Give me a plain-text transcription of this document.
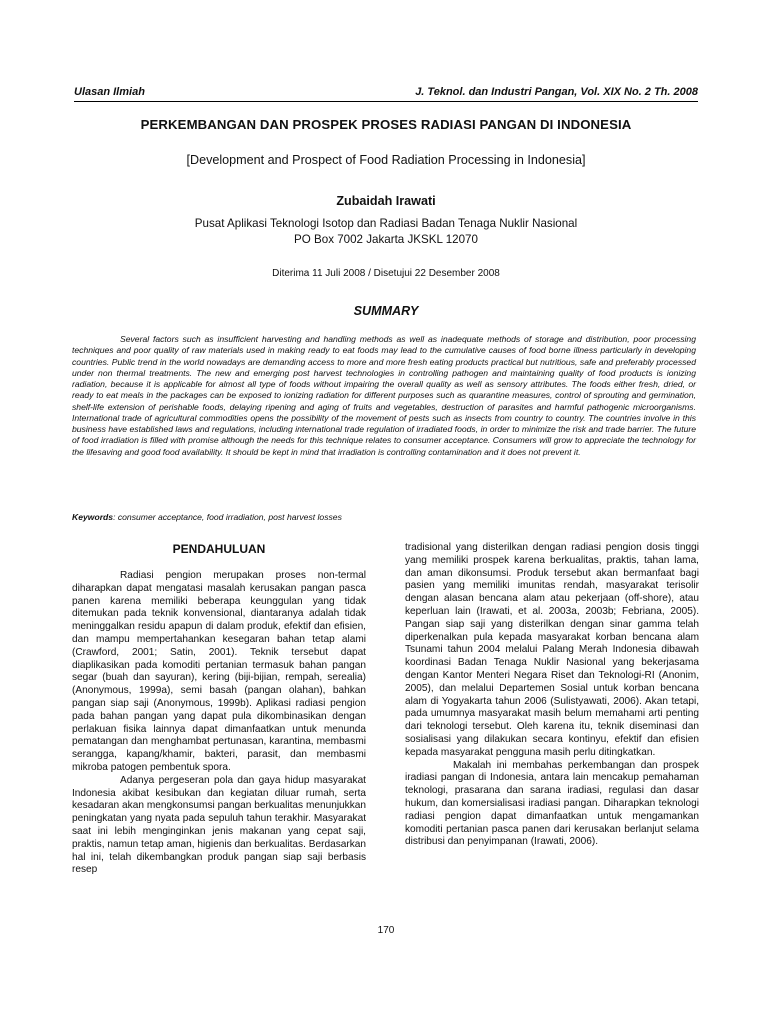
Ulasan Ilmiah	J. Teknol. dan Industri Pangan, Vol. XIX No. 2 Th. 2008
PERKEMBANGAN DAN PROSPEK PROSES RADIASI PANGAN DI INDONESIA
[Development and Prospect of Food Radiation Processing in Indonesia]
Zubaidah Irawati
Pusat Aplikasi Teknologi Isotop dan Radiasi Badan Tenaga Nuklir Nasional
PO Box 7002 Jakarta JKSKL 12070
Diterima 11 Juli 2008 / Disetujui 22 Desember 2008
SUMMARY

Several factors such as insufficient harvesting and handling methods as well as inadequate methods of storage and distribution, poor processing techniques and poor quality of raw materials used in making ready to eat foods may lead to the cumulative causes of food borne illness particularly in developing countries. Public trend in the world nowadays are demanding access to more and more fresh eating products practical but nutritious, safe and preferably processed under non thermal treatments. The new and emerging post harvest technologies in controlling pathogen and maintaining quality of food products is ionizing radiation, because it is applicable for almost all type of foods without impairing the overall quality as well as sensory attributes. The foods either fresh, dried, or ready to eat meals in the packages can be exposed to ionizing radiation for different purposes such as quarantine measures, control of sprouting and germination, shelf-life extension of perishable foods, delaying ripening and aging of fruits and vegetables, destruction of parasites and harmful pathogenic microorganisms. International trade of agricultural commodities opens the possibility of the movement of pests such as insects from country to country. The countries involve in this business have established laws and regulations, including international trade regulation of irradiated foods, in order to minimize the risk and trade barrier. The future of food irradiation is filled with promise although the needs for this technique relates to consumer acceptance. Consumers will grow to appreciate the technology for the lifesaving and good food availability. It should be kept in mind that irradiation is controlling contamination and it does not prevent it.

Keywords: consumer acceptance, food irradiation, post harvest losses
PENDAHULUAN

Radiasi pengion merupakan proses non-termal diharapkan dapat mengatasi masalah kerusakan pangan pasca panen karena memiliki beberapa keunggulan yang tidak ditemukan pada teknik konvensional, diantaranya adalah tidak meninggalkan residu apapun di dalam produk, efektif dan efisien, dan mampu mempertahankan kesegaran bahan tetap alami (Crawford, 2001; Satin, 2001). Teknik tersebut dapat diaplikasikan pada komoditi pertanian termasuk bahan pangan segar (buah dan sayuran), kering (biji-bijian, rempah, serealia) (Anonymous, 1999a), semi basah (pangan olahan), bahkan pangan siap saji (Anonymous, 1999b). Aplikasi radiasi pengion pada bahan pangan yang dapat pula dikombinasikan dengan perlakuan fisika lainnya dapat dimanfaatkan untuk menunda pematangan dan menghambat pertunasan, karantina, membasmi serangga, kapang/khamir, bakteri, parasit, dan membasmi mikroba patogen pembentuk spora.

Adanya pergeseran pola dan gaya hidup masyarakat Indonesia akibat kesibukan dan kegiatan diluar rumah, serta kesadaran akan mengkonsumsi pangan berkualitas menunjukkan peningkatan yang nyata pada sepuluh tahun terakhir. Masyarakat saat ini lebih menginginkan jenis makanan yang cepat saji, praktis, namun tetap aman, higienis dan berkualitas. Berdasarkan hal ini, telah dikembangkan produk pangan siap saji berbasis resep

tradisional yang disterilkan dengan radiasi pengion dosis tinggi yang memiliki prospek karena berkualitas, praktis, tahan lama, dan aman dikonsumsi. Produk tersebut akan bermanfaat bagi pasien yang memiliki imunitas rendah, masyarakat terisolir dengan alasan bencana alam atau pekerjaan (off-shore), atau keperluan lain (Irawati, et al. 2003a, 2003b; Febriana, 2005). Pangan siap saji yang disterilkan dengan sinar gamma telah diperkenalkan pula kepada masyarakat korban bencana alam Tsunami tahun 2004 melalui Palang Merah Indonesia dibawah koordinasi Badan Tenaga Nuklir Nasional yang bekerjasama dengan Kantor Menteri Negara Riset dan Teknologi-RI (Anonim, 2005), dan melalui Departemen Sosial untuk korban bencana alam di Yogyakarta tahun 2006 (Sulistyawati, 2006). Akan tetapi, pada umumnya masyarakat masih belum memahami arti penting dari teknologi tersebut. Oleh karena itu, teknik diseminasi dan sosialisasi yang dilakukan secara kontinyu, efektif dan efisien kepada masyarakat pengguna masih perlu ditingkatkan.

Makalah ini membahas perkembangan dan prospek iradiasi pangan di Indonesia, antara lain mencakup pemahaman teknologi, prasarana dan sarana iradiasi, regulasi dan dasar hukum, dan komersialisasi iradiasi pangan. Diharapkan teknologi radiasi pengion dapat dimanfaatkan untuk mengamankan komoditi pertanian pasca panen dari kerusakan berlanjut selama distribusi dan penyimpanan (Irawati, 2006).

170
